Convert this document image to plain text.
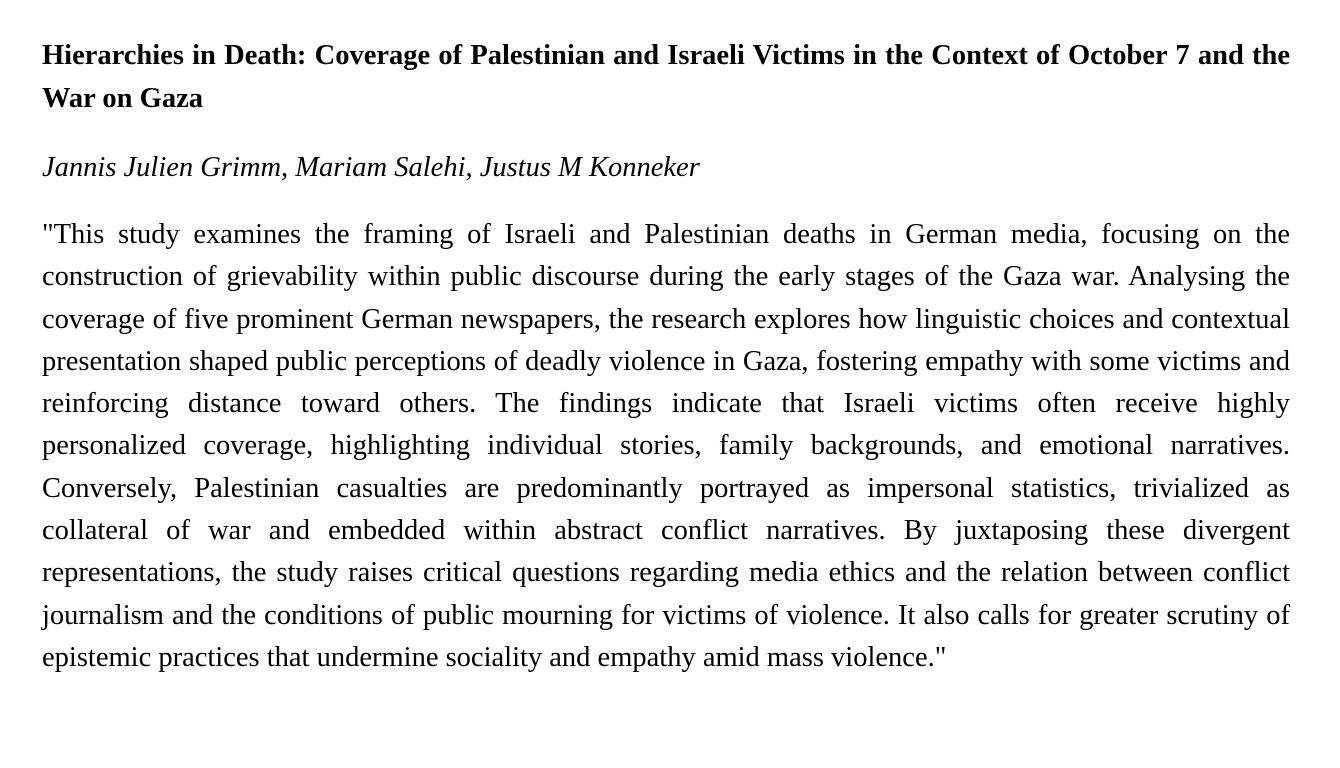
Hierarchies in Death: Coverage of Palestinian and Israeli Victims in the Context of October 7 and the War on Gaza

Jannis Julien Grimm, Mariam Salehi, Justus M Konneker

"This study examines the framing of Israeli and Palestinian deaths in German media, focusing on the construction of grievability within public discourse during the early stages of the Gaza war. Analysing the coverage of five prominent German newspapers, the research explores how linguistic choices and contextual presentation shaped public perceptions of deadly violence in Gaza, fostering empathy with some victims and reinforcing distance toward others. The findings indicate that Israeli victims often receive highly personalized coverage, highlighting individual stories, family backgrounds, and emotional narratives. Conversely, Palestinian casualties are predominantly portrayed as impersonal statistics, trivialized as collateral of war and embedded within abstract conflict narratives. By juxtaposing these divergent representations, the study raises critical questions regarding media ethics and the relation between conflict journalism and the conditions of public mourning for victims of violence. It also calls for greater scrutiny of epistemic practices that undermine sociality and empathy amid mass violence."
